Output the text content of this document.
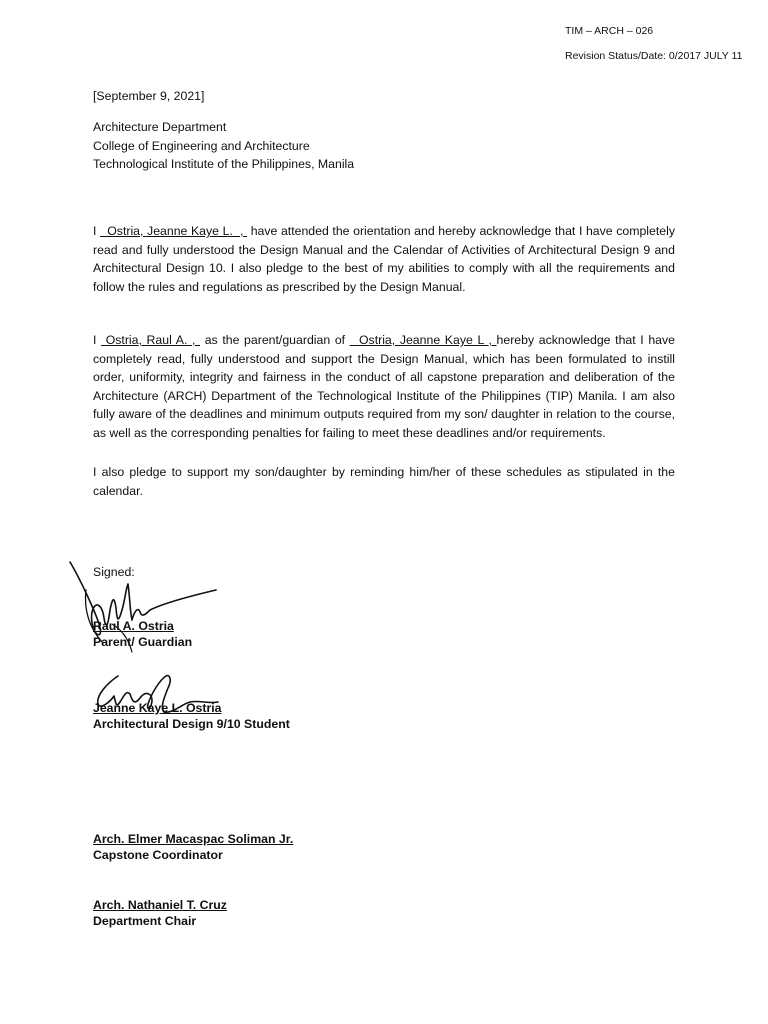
TIM – ARCH – 026
Revision Status/Date: 0/2017 JULY 11
[September 9, 2021]
Architecture Department
College of Engineering and Architecture
Technological Institute of the Philippines, Manila
I   Ostria, Jeanne Kaye L.  ,  have attended the orientation and hereby acknowledge that I have completely read and fully understood the Design Manual and the Calendar of Activities of Architectural Design 9 and Architectural Design 10. I also pledge to the best of my abilities to comply with all the requirements and follow the rules and regulations as prescribed by the Design Manual.
I  Ostria, Raul A. ,  as the parent/guardian of   Ostria, Jeanne Kaye L , hereby acknowledge that I have completely read, fully understood and support the Design Manual, which has been formulated to instill order, uniformity, integrity and fairness in the conduct of all capstone preparation and deliberation of the Architecture (ARCH) Department of the Technological Institute of the Philippines (TIP) Manila. I am also fully aware of the deadlines and minimum outputs required from my son/ daughter in relation to the course, as well as the corresponding penalties for failing to meet these deadlines and/or requirements.
I also pledge to support my son/daughter by reminding him/her of these schedules as stipulated in the calendar.
Signed:
Raul A. Ostria
Parent/ Guardian
Jeanne Kaye L. Ostria
Architectural Design 9/10 Student
Arch. Elmer Macaspac Soliman Jr.
Capstone Coordinator
Arch. Nathaniel T. Cruz
Department Chair
